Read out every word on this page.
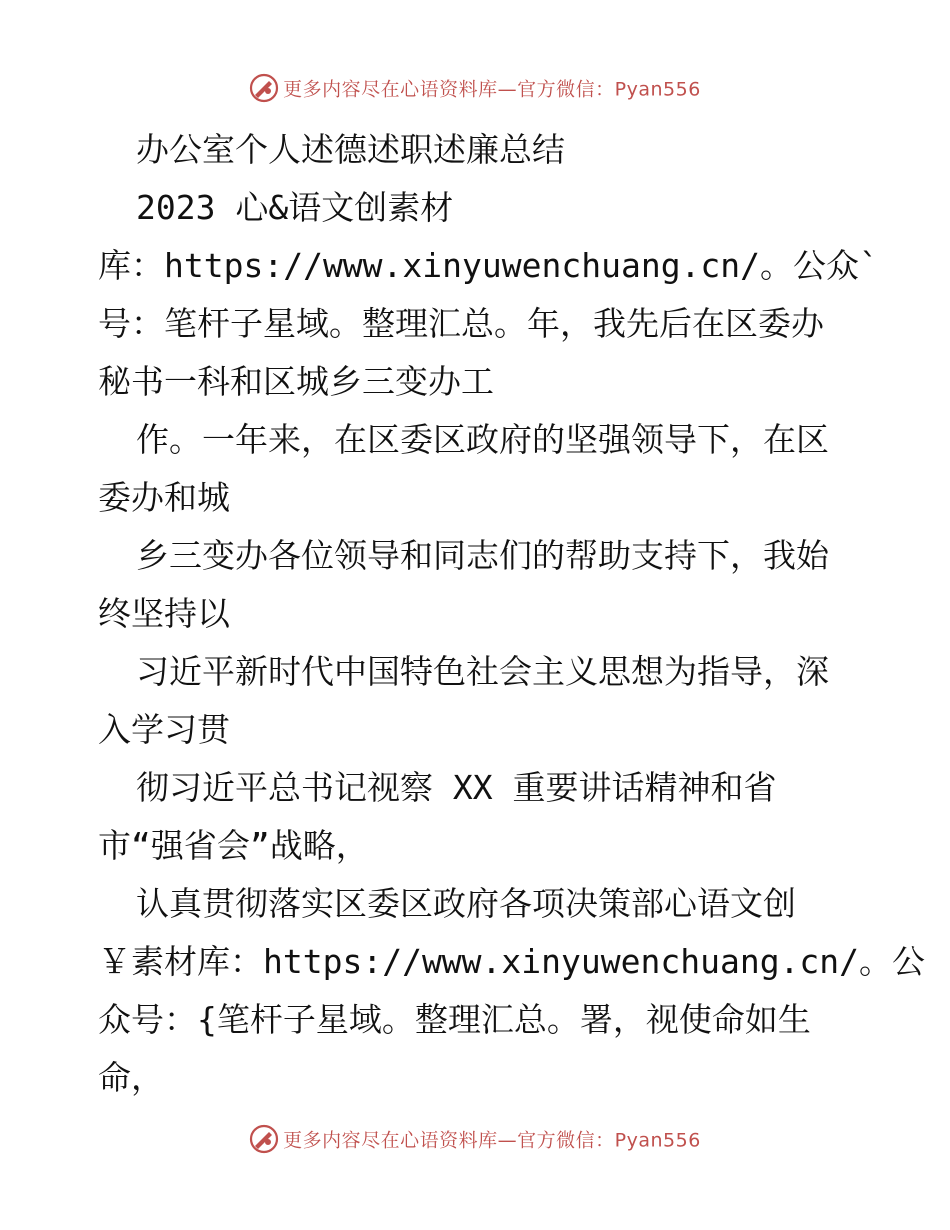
更多内容尽在心语资料库—官方微信：Pyan556
办公室个人述德述职述廉总结
2023 心&语文创素材
库：https://www.xinyuwenchuang.cn/。公众`
号：笔杆子星域。整理汇总。年，我先后在区委办
秘书一科和区城乡三变办工
作。一年来，在区委区政府的坚强领导下，在区
委办和城
乡三变办各位领导和同志们的帮助支持下，我始
终坚持以
习近平新时代中国特色社会主义思想为指导，深
入学习贯
彻习近平总书记视察 XX 重要讲话精神和省
市“强省会”战略，
认真贯彻落实区委区政府各项决策部心语文创
￥素材库：https://www.xinyuwenchuang.cn/。公
众号：{笔杆子星域。整理汇总。署，视使命如生
命，
更多内容尽在心语资料库—官方微信：Pyan556
